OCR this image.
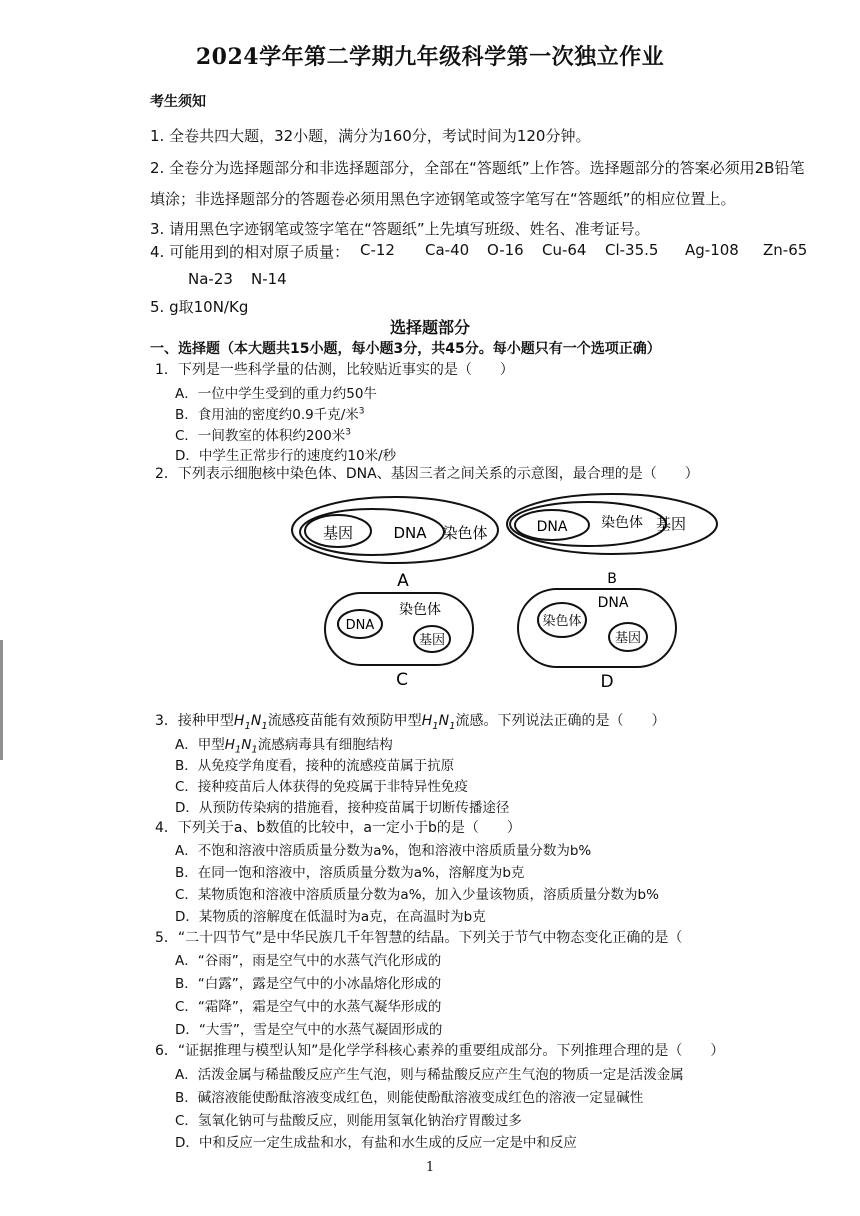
2024学年第二学期九年级科学第一次独立作业
考生须知
1. 全卷共四大题，32小题，满分为160分，考试时间为120分钟。
2. 全卷分为选择题部分和非选择题部分，全部在“答题纸”上作答。选择题部分的答案必须用2B铅笔
填涂；非选择题部分的答题卷必须用黑色字迹钢笔或签字笔写在“答题纸”的相应位置上。
3. 请用黑色字迹钢笔或签字笔在“答题纸”上先填写班级、姓名、准考证号。
4. 可能用到的相对原子质量： C-12 Ca-40 O-16 Cu-64 Cl-35.5 Ag-108 Zn-65
Na-23 N-14
5. g取10N/Kg
选择题部分
一、选择题（本大题共15小题，每小题3分，共45分。每小题只有一个选项正确）
1．下列是一些科学量的估测，比较贴近事实的是（　　）
A．一位中学生受到的重力约50牛
B．食用油的密度约0.9千克/米$^3$
C．一间教室的体积约200米$^3$
D．中学生正常步行的速度约10米/秒
2．下列表示细胞核中染色体、DNA、基因三者之间关系的示意图，最合理的是（　　）
基因	DNA 染色体
A
DNA 染色体 基因
B
染色体
DNA
基因
C
DNA
染色体
基因
D
3．接种甲型$H_1N_1$流感疫苗能有效预防甲型$H_1N_1$流感。下列说法正确的是（　　）
A．甲型$H_1N_1$流感病毒具有细胞结构
B．从免疫学角度看，接种的流感疫苗属于抗原
C．接种疫苗后人体获得的免疫属于非特异性免疫
D．从预防传染病的措施看，接种疫苗属于切断传播途径
4．下列关于a、b数值的比较中，a一定小于b的是（　　）
A．不饱和溶液中溶质质量分数为a%，饱和溶液中溶质质量分数为b%
B．在同一饱和溶液中，溶质质量分数为a%，溶解度为b克
C．某物质饱和溶液中溶质质量分数为a%，加入少量该物质，溶质质量分数为b%
D．某物质的溶解度在低温时为a克，在高温时为b克
5．“二十四节气”是中华民族几千年智慧的结晶。下列关于节气中物态变化正确的是（
A．“谷雨”，雨是空气中的水蒸气汽化形成的
B．“白露”，露是空气中的小冰晶熔化形成的
C．“霜降”，霜是空气中的水蒸气凝华形成的
D．“大雪”，雪是空气中的水蒸气凝固形成的
6．“证据推理与模型认知”是化学学科核心素养的重要组成部分。下列推理合理的是（　　）
A．活泼金属与稀盐酸反应产生气泡，则与稀盐酸反应产生气泡的物质一定是活泼金属
B．碱溶液能使酚酞溶液变成红色，则能使酚酞溶液变成红色的溶液一定显碱性
C．氢氧化钠可与盐酸反应，则能用氢氧化钠治疗胃酸过多
D．中和反应一定生成盐和水，有盐和水生成的反应一定是中和反应
1
